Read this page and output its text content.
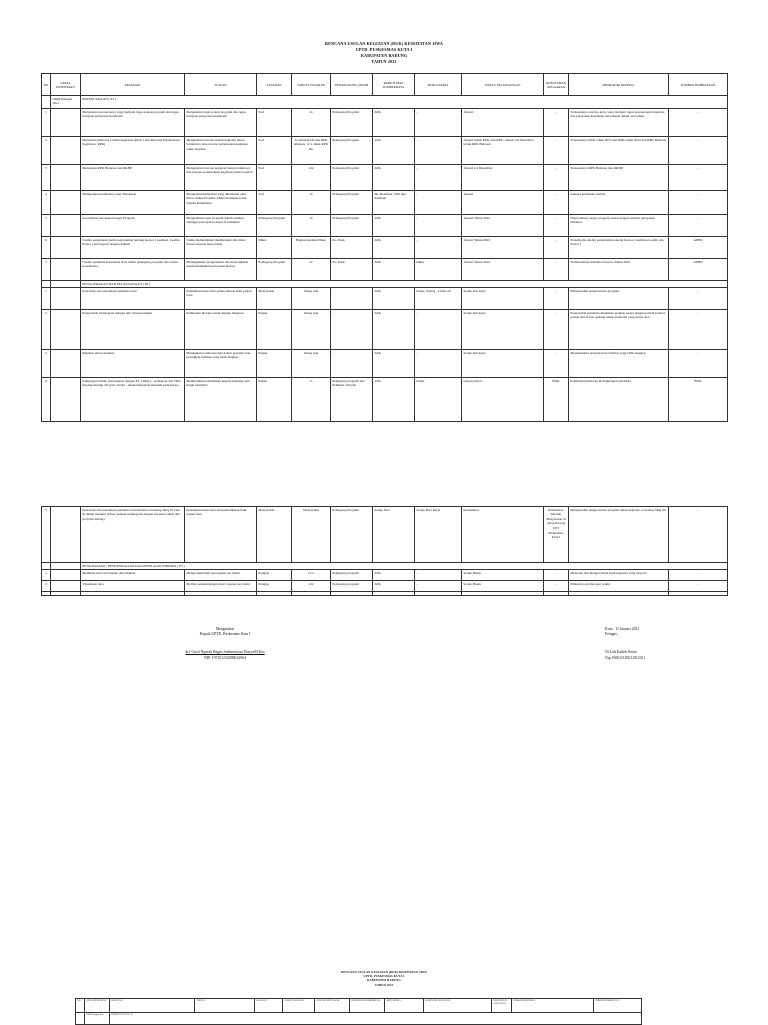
RENCANA USULAN KEGIATAN (RUK) KESEHATAN JIWA
UPTD. PUSKESMAS KUTA I
KABUPATEN BADUNG
TAHUN 2022
NO	UPAYA KESEHATAN	KEGIATAN	TUJUAN	SASARAN	TARGET SASARAN	PENANGGUNG JAWAB	KEBUTUHAN SUMBERDAYA	MITRA KERJA	WAKTU PELAKSANAAN	KEBUTUHAN ANGGARAN	INDIKATOR KINERJA	SUMBER PEMBIAYAAN
	UKM Pengem Jiwa	PERENCANAAN ( P1 )										
1		Menyusun rencana kerja yang meliputi tugas pokok program dan tugas integrasi pelayanan kesehatan	Mengetahui tugas pokok program dan tugas integrasi pelayanan kesehatan	Staf	1x	Pemegang Program	ATK	-	Januari	-	Tersusunnya rencana kerja yang meliputi tugas pokok,tugas integrasi, dan pelayanan kesehatan perorangan dalam satu tahun	-
2		Menyusun Rencana Usulan Kegiatan (RUK ) dan Rencana Pelaksanaan Kegiatan ( RPK)	Mengetahui rencana usulan kegiatan tahun berikutnya dan rencana pelaksanaan kegiatan tahun berjalan	Staf	1x untuk RUK dan RPK tahunan, 12 x untuk RPK bln	Pemegang Program	ATK	-	Januari untuk RUK dan RPK, Januari s/d Desember untuk RPK Bulanan	-	Tersusunnya RUK tahun 2023 dan RPK tahun 2022 dan RPK Bulanan	-
3		Menyusun RPK Bulanan dan RKHP	Mengetahui rencana kegiatan bulan berikutnya dan rencana pelaksanaan kegiatan bulan berjalan	Staf	12x	Pemegang Program	ATK	-	Januari s/d Desember	-	Tersusunnya RPK Bulanan dan RKHP	-
4		Mempelajari kebijakan yang ditetapkan	Mengetahui kebijakan yang ditetapkan oleh Pusat, Dikes Propinsi ,Dikes Kabupaten dan Kepala Puskesmas	Staf	1x	Pemegang Program	SK,Pedoman, SOP dan Panduan	-	Januari	-	Adanya kebijakan tertulis	-
5		Koordinasi pencapaian target Program	Mengetahui target program dalam setahun sehingga pencapaian dapat di tindaklan	Pemegang Program	1x	Pemegang Program	ATK	-	Januari Tahun 2022	-	Diperolehnya target program sesuai dengan standar pelayanan minimal	-
6		Usulan pengadaan media penyuluhan tentang Keswa ( Animasi, Leaflet, Poster ) terintegrasi dengan Adinen	Untuk memudahkan memberikan informasi Keswa kepada masyarakat	Dikes	Bagian Kesmas Dikes	Ka. Pusk	ATK	-	Januari Tahun 2022	-	Tersedianya media penyuluhan tentang Keswa ( Animasi,Leaflet dan Poster )	APBD
7		Usulan pelatihan Kesehatan Jiwa untuk pemegang program dan dokter koordinator	Meningkatkan pengetahuan dan keterampilan dalam melakukan pelayanan Keswa	Pemegang Program	1x	Ka. Pusk	ATK	Dikes	Januari Tahun 2022	-	Terlaksananya Pelatihan Keswa Tahun 2022	APBD
		PENGGERAKAN DAN PELAKSANAAN ( P2 )										
1		Pencarian dan penemuan penderita baru	Penemuan kasus baru pemer eksaan fisik pasien baru	Masyarakat	Setiap saat	-	ATK	Kader, Kaling , Lintas sft	Setiap hari kerja	-	Bekerjasama dengan lintas program	-
2		Pengobatan terintegrasi dengan unit layanan umum	Pemberian therapi sesuai dengan diagnosa	Pasien	Setiap saat	-	ATK	-	Setiap hari kerja	-	Pengobatan penderita dilakukan gedung sesuai dengan jadwal kontrol pasien dan di luar gedung untuk penderita yang putus obat	-
3		Rujukan dan konsultasi	Melakukan kolaborasi dgn dokter spesialis dan kelengkap fasilitas yang lebih lengkap	Pasien	Setiap saat	-	ATK	-	Setiap hari kerja	-	Mendapatkan pelayanan ke fasilitas yang lebih lengkap	-
4		Kunjungan rumah (terintegrasi dengan PI , lainnya , pedisanan dan TKK masing-masing wilayah, darbes , untuk mengatasi masalah pada keswa	Memberikan pemahaman kepada keluarga dan tingkt penderita	Pasien	%	Pemegang program dan Pembina wilayah	ATK	Kader	sesuai jadwal	BOK	Pembinaan keluarga & lingkungan penderita	BOK
5		Pencarian dan penemuan penderita baru melalui screening SRQ 20 baik di dalam maupun di luar gedung terintegrasi dengan layanan terkait dan program terkait)	Penemuan kasus baru dan pemeriksaan fisik pasien baru	Masyarakat	Masyarakat	Pemegang Program	Setiap Saat	Setiap Hari Kerja	Residential	Puskesmas, Sekolah, Masyarakat di wilayah kerja UPT Puskesmas Kuta I	Bekerjasama dengan lintas program untuk kegiatan screening SRQ 20	-
		PENGAWASAN , PENGENDALIAN DAN PENILAIAN KINERJA ( P3 )										
1		Membuat laporan bulanan dan tahunan	Melaporkan hasil pencapaian per bulan	Petugas	12 x	Pemegang program	ATK	-	Setiap Bulan	-	Mencatat dan mengevaluasi hasil kegiatan yang terpacat	-
2		Visualisasi data	Melihat perkembangan hasil capaian per bulan	Petugas	12x	Pemegang program	ATK	-	Setiap Bulan	-	Dibuatnya grafik tepat waktu	-

Mengetahui
Kepala UPTD. Puskesmas Kuta I
dr.I Gusti Ngurah Bagus Sudiartayasa DiasyaM.Kes
NIP. 197101232008012004
Kuta , 11 Januari 2021
Petugas ,
Ni Luh Kadek Artini
Nip.196011182011012011
RENCANA USULAN KEGIATAN (RUK) KESEHATAN JIWA
UPTD. PUSKESMAS KUTA I
KABUPATEN BADUNG
TAHUN 2022
NO	UPAYA KESEHATAN	KEGIATAN	TUJUAN	SASARAN	TARGET SASARAN	PENANGGUNG JAWAB	KEBUTUHAN SUMBERDAYA	MITRA KERJA	WAKTU PELAKSANAAN	KEBUTUHAN ANGGARAN	INDIKATOR KINERJA	SUMBER PEMBIAYAAN
	UKM Pengem Jiwa	PERENCANAAN ( P1 )										
